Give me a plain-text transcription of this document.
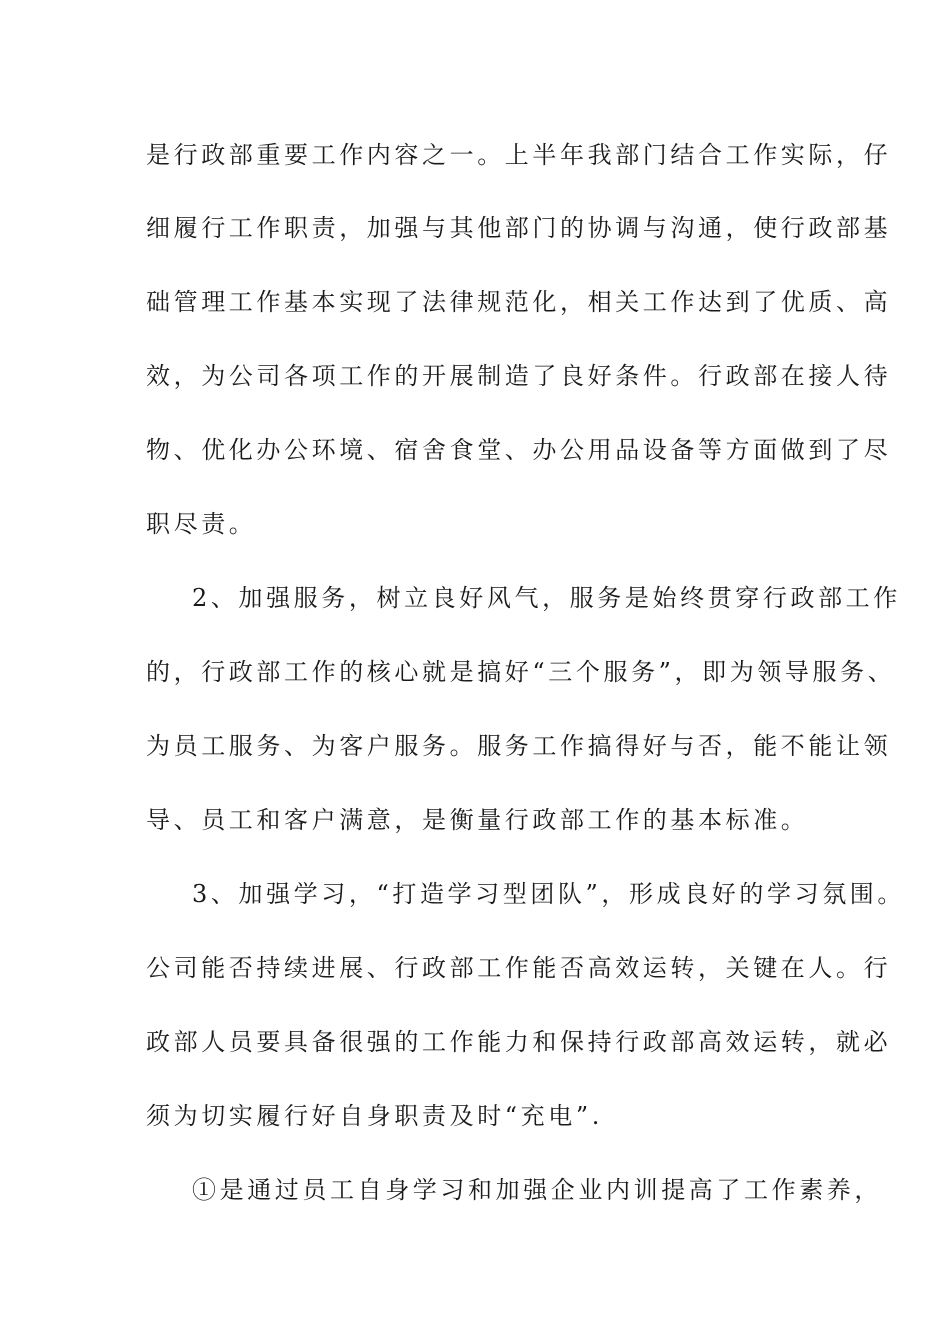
是行政部重要工作内容之一。上半年我部门结合工作实际，仔
细履行工作职责，加强与其他部门的协调与沟通，使行政部基
础管理工作基本实现了法律规范化，相关工作达到了优质、高
效，为公司各项工作的开展制造了良好条件。行政部在接人待
物、优化办公环境、宿舍食堂、办公用品设备等方面做到了尽
职尽责。
2、加强服务，树立良好风气，服务是始终贯穿行政部工作
的，行政部工作的核心就是搞好“三个服务”，即为领导服务、
为员工服务、为客户服务。服务工作搞得好与否，能不能让领
导、员工和客户满意，是衡量行政部工作的基本标准。
3、加强学习，“打造学习型团队”，形成良好的学习氛围。
公司能否持续进展、行政部工作能否高效运转，关键在人。行
政部人员要具备很强的工作能力和保持行政部高效运转，就必
须为切实履行好自身职责及时“充电”.
①是通过员工自身学习和加强企业内训提高了工作素养，
